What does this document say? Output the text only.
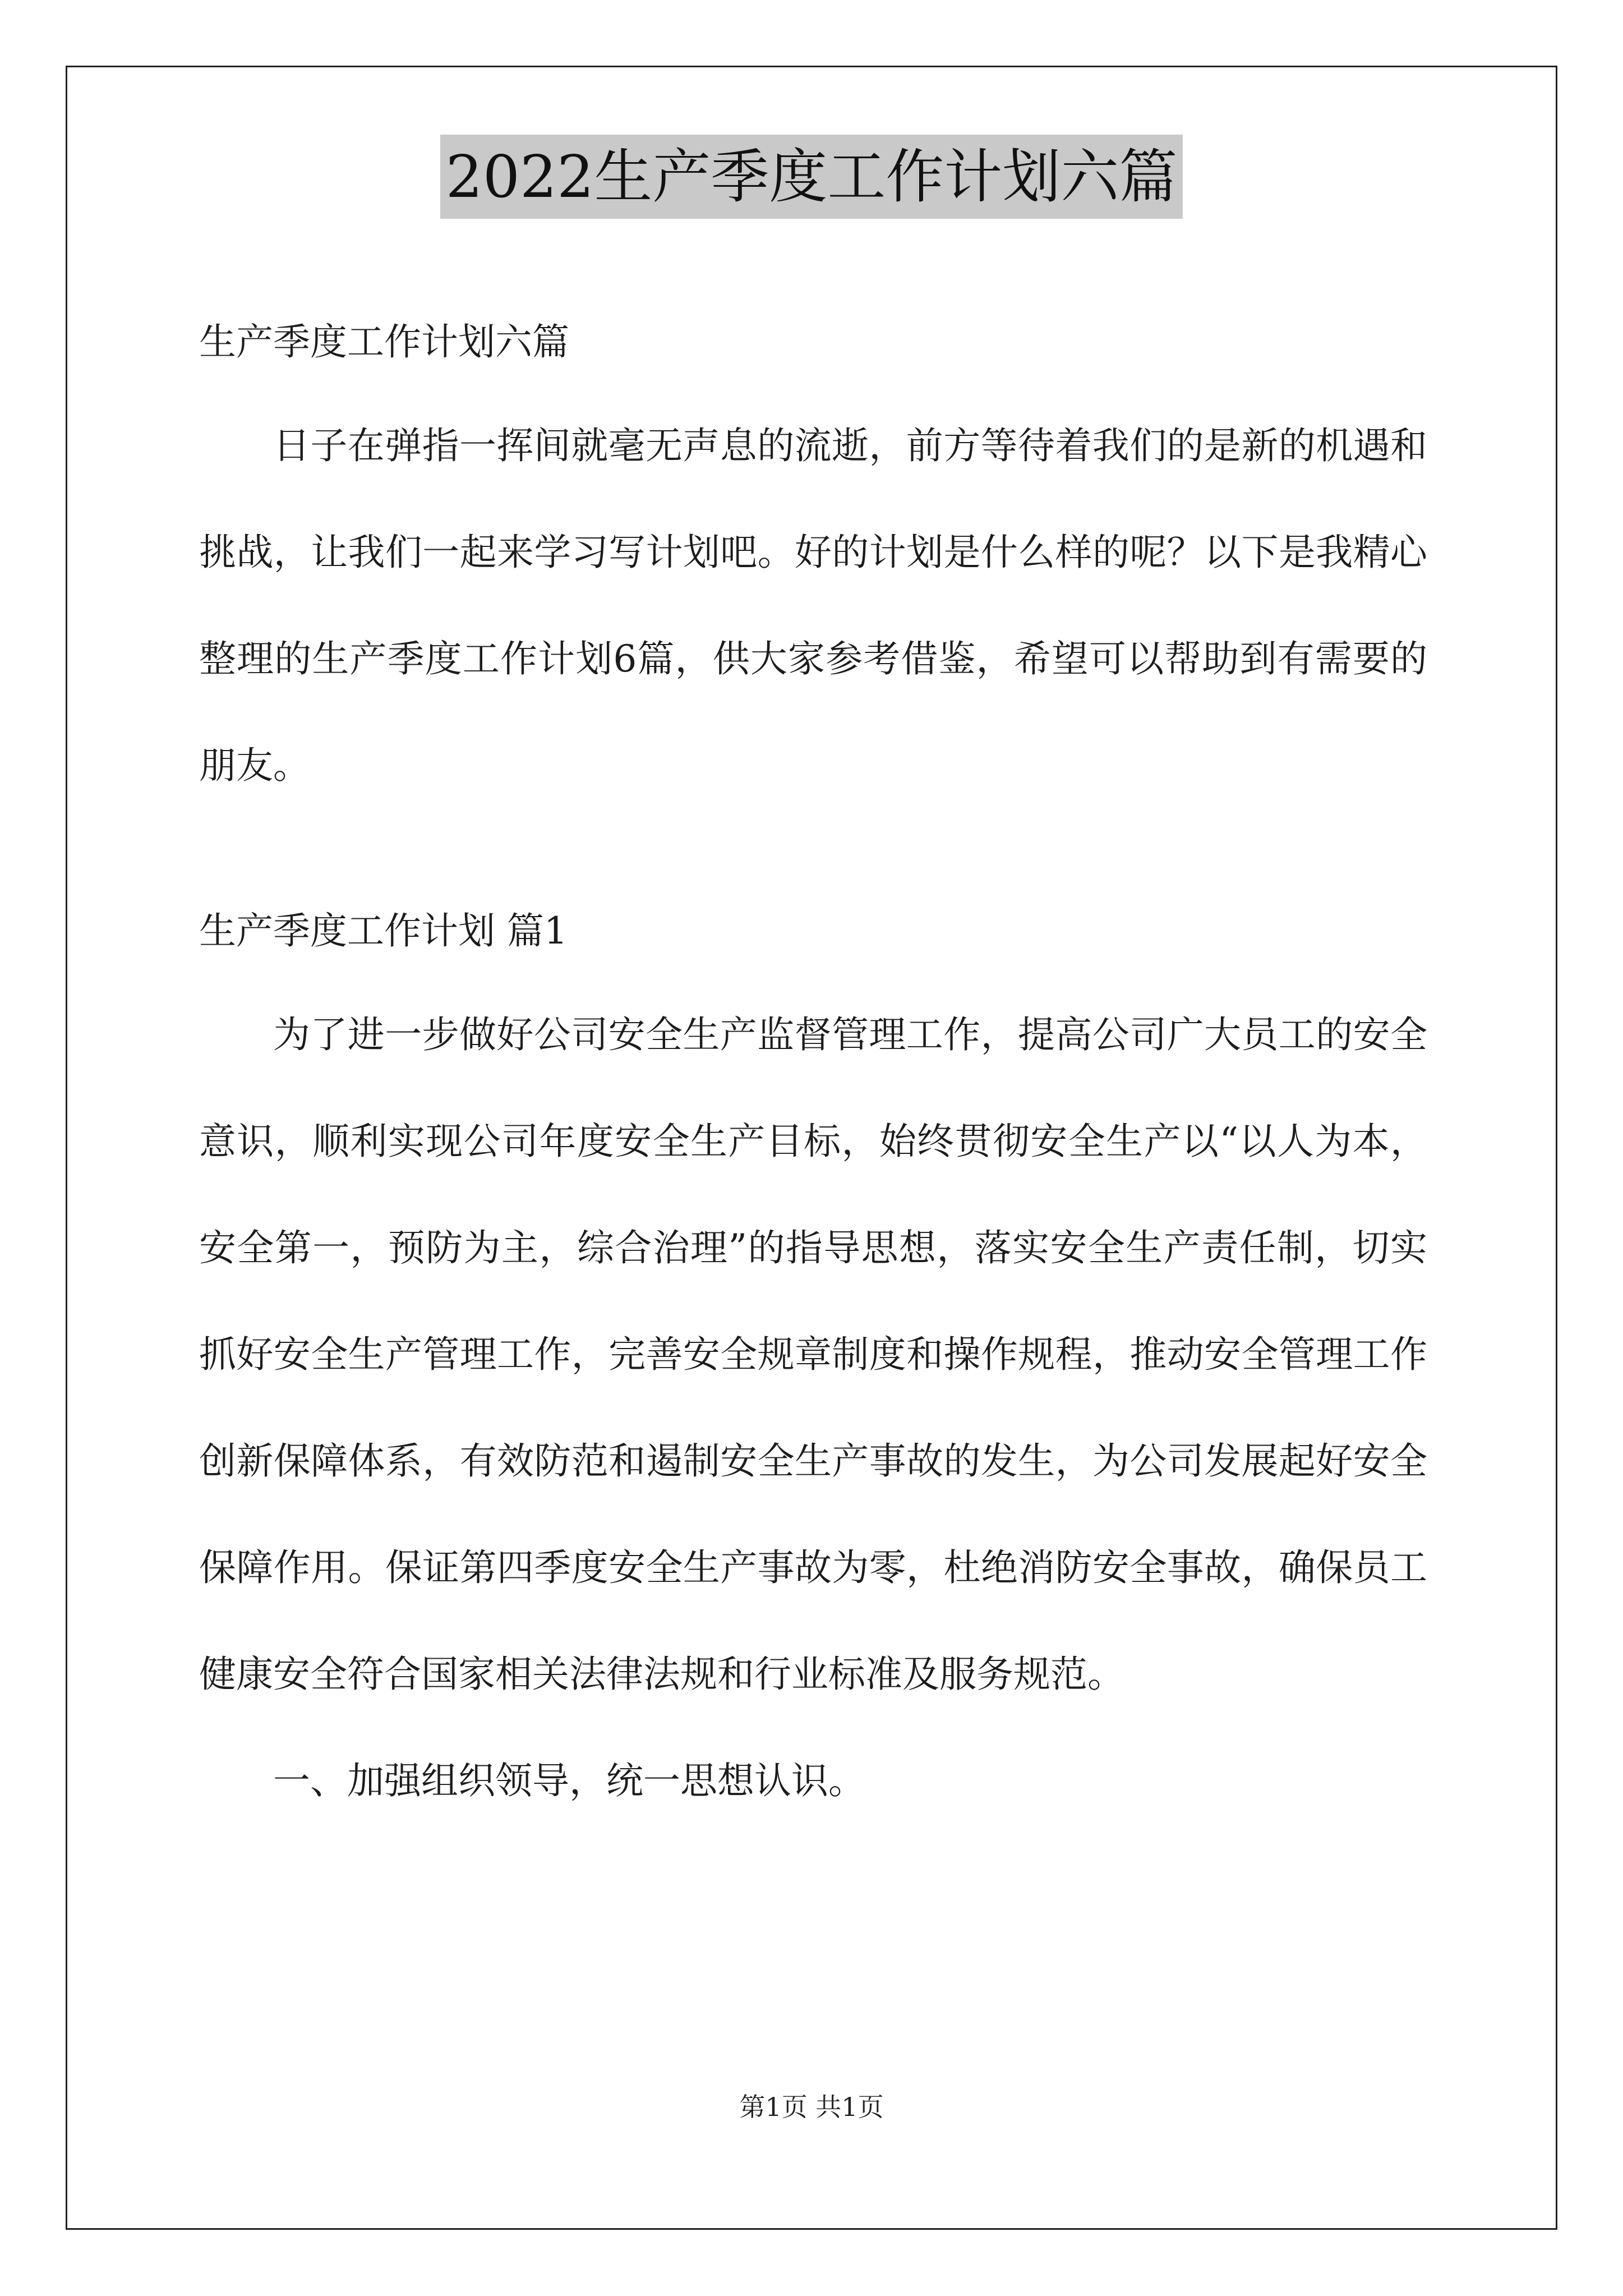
2022生产季度工作计划六篇
生产季度工作计划六篇

日子在弹指一挥间就毫无声息的流逝，前方等待着我们的是新的机遇和挑战，让我们一起来学习写计划吧。好的计划是什么样的呢？以下是我精心整理的生产季度工作计划6篇，供大家参考借鉴，希望可以帮助到有需要的朋友。

生产季度工作计划 篇1

为了进一步做好公司安全生产监督管理工作，提高公司广大员工的安全意识，顺利实现公司年度安全生产目标，始终贯彻安全生产以“以人为本，安全第一，预防为主，综合治理”的指导思想，落实安全生产责任制，切实抓好安全生产管理工作，完善安全规章制度和操作规程，推动安全管理工作创新保障体系，有效防范和遏制安全生产事故的发生，为公司发展起好安全保障作用。保证第四季度安全生产事故为零，杜绝消防安全事故，确保员工健康安全符合国家相关法律法规和行业标准及服务规范。

一、加强组织领导，统一思想认识。

第1页 共1页
